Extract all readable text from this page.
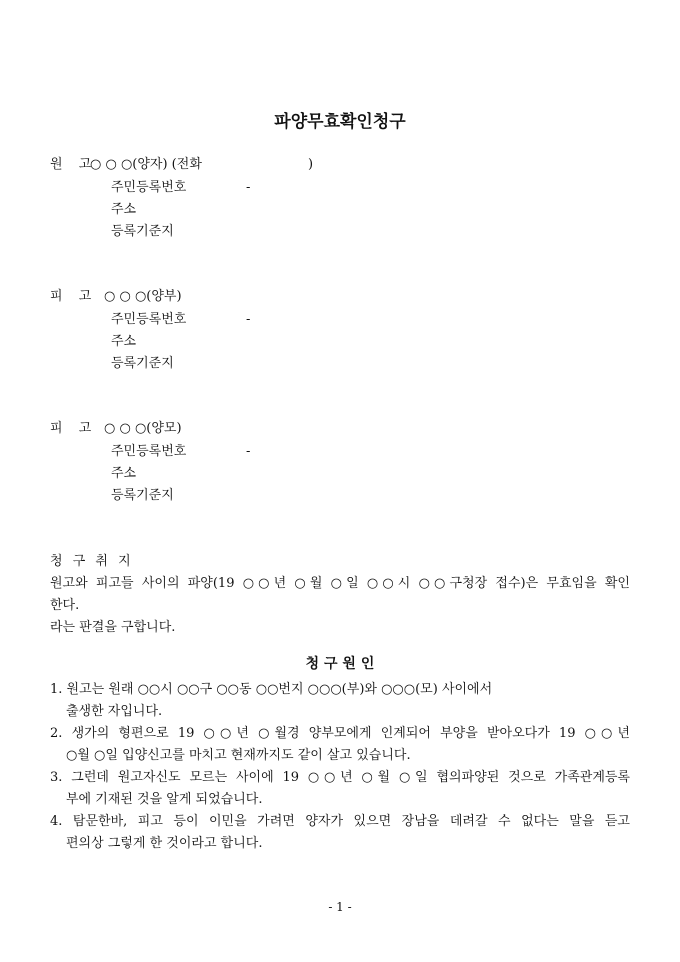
파양무효확인청구
원 고
○ ○ ○(양자) (전화	)
주민등록번호	-
주소
등록기준지
피 고 ○ ○ ○(양부)
주민등록번호	-
주소
등록기준지
피 고 ○ ○ ○(양모)
주민등록번호	-
주소
등록기준지
청 구 취 지
원고와 피고들 사이의 파양(19 ○○년 ○월 ○일 ○○시 ○○구청장 접수)은 무효임을 확인
한다.
라는 판결을 구합니다.
청 구 원 인
1. 원고는 원래 ○○시 ○○구 ○○동 ○○번지 ○○○(부)와 ○○○(모) 사이에서
출생한 자입니다.
2. 생가의 형편으로 19 ○○년 ○월경 양부모에게 인계되어 부양을 받아오다가 19 ○○년
○월 ○일 입양신고를 마치고 현재까지도 같이 살고 있습니다.
3. 그런데 원고자신도 모르는 사이에 19 ○○년 ○월 ○일 협의파양된 것으로 가족관계등록
부에 기재된 것을 알게 되었습니다.
4. 탐문한바, 피고 등이 이민을 가려면 양자가 있으면 장남을 데려갈 수 없다는 말을 듣고
편의상 그렇게 한 것이라고 합니다.
- 1 -
